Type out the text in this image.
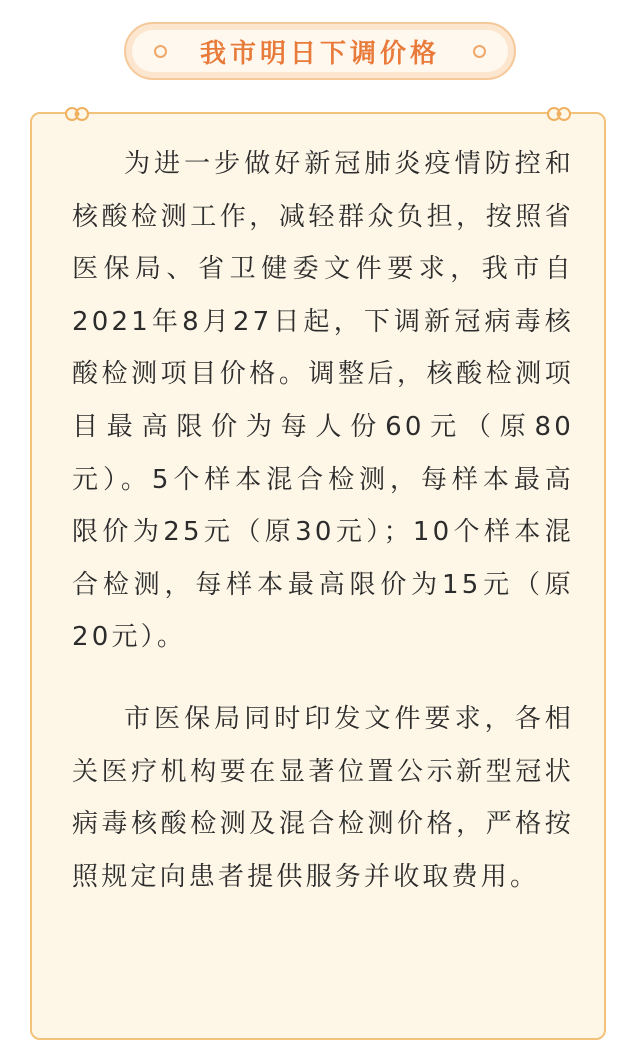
我市明日下调价格

为进一步做好新冠肺炎疫情防控和核酸检测工作，减轻群众负担，按照省医保局、省卫健委文件要求，我市自2021年8月27日起，下调新冠病毒核酸检测项目价格。调整后，核酸检测项目最高限价为每人份60元（原80元）。5个样本混合检测，每样本最高限价为25元（原30元）；10个样本混合检测，每样本最高限价为15元（原20元）。

市医保局同时印发文件要求，各相关医疗机构要在显著位置公示新型冠状病毒核酸检测及混合检测价格，严格按照规定向患者提供服务并收取费用。
